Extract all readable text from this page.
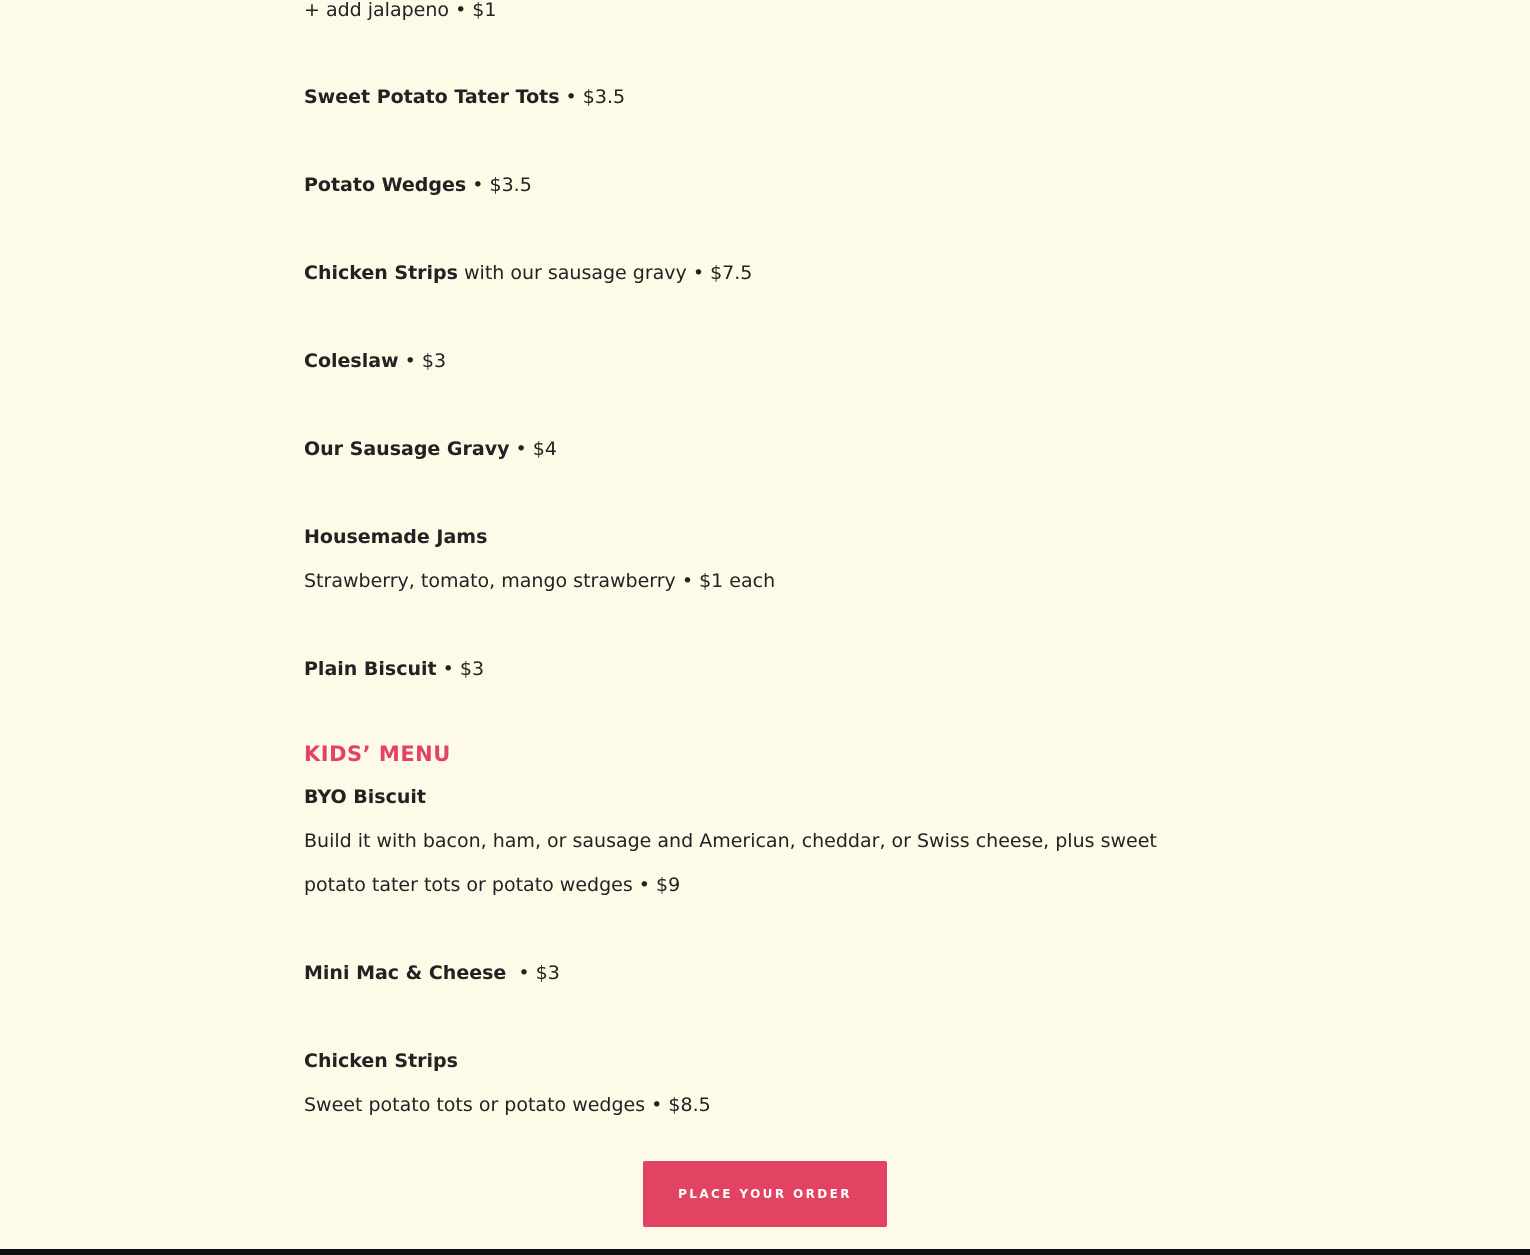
+ add jalapeno • $1
Sweet Potato Tater Tots • $3.5
Potato Wedges • $3.5
Chicken Strips with our sausage gravy • $7.5
Coleslaw • $3
Our Sausage Gravy • $4
Housemade Jams
Strawberry, tomato, mango strawberry • $1 each
Plain Biscuit • $3
KIDS’ MENU
BYO Biscuit
Build it with bacon, ham, or sausage and American, cheddar, or Swiss cheese, plus sweet
potato tater tots or potato wedges • $9
Mini Mac & Cheese  • $3
Chicken Strips
Sweet potato tots or potato wedges • $8.5
PLACE YOUR ORDER
